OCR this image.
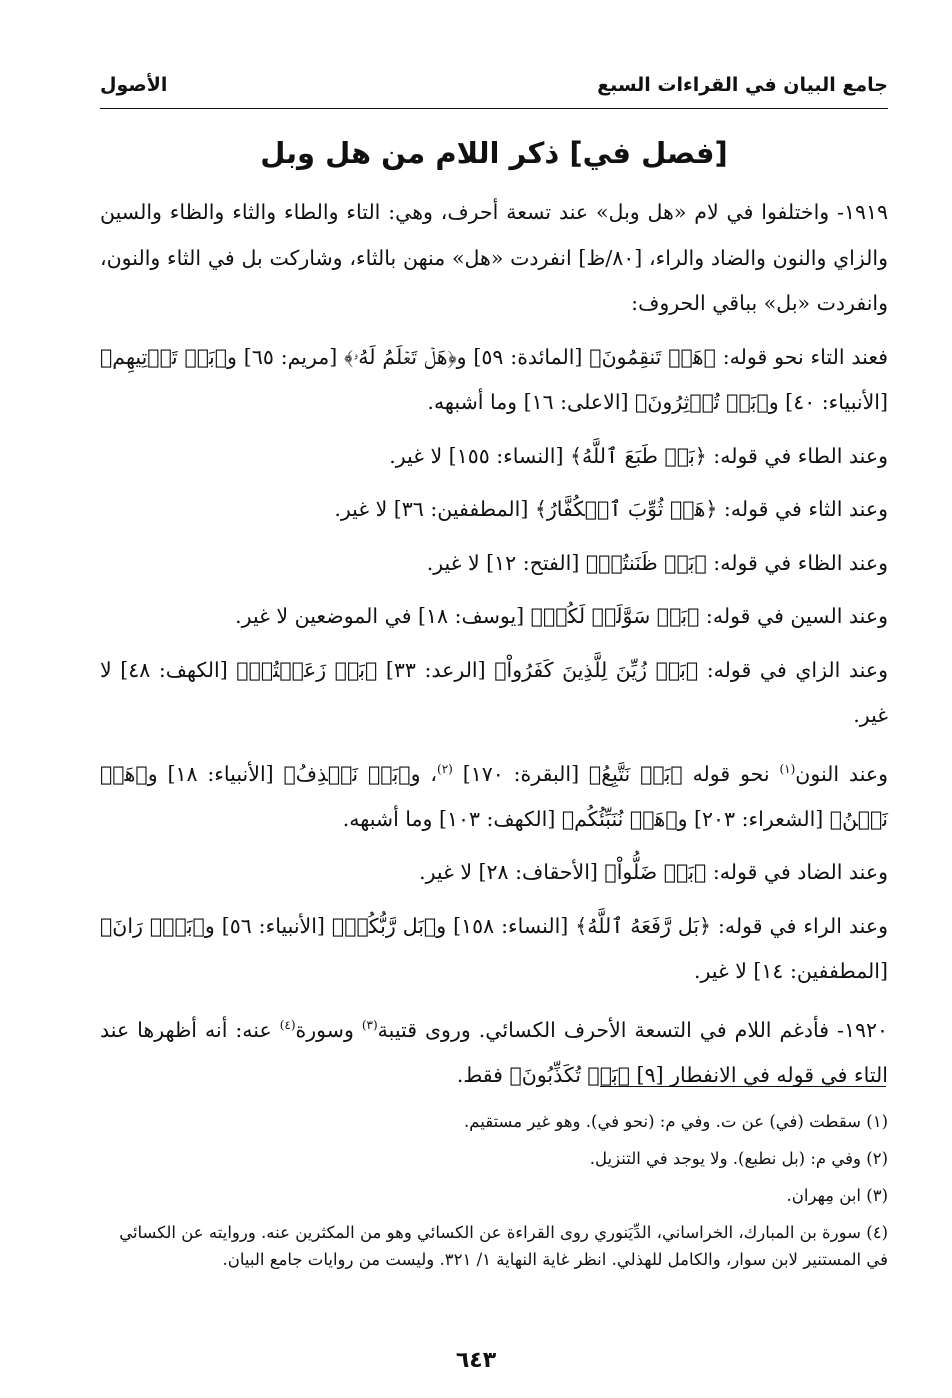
جامع البيان في القراءات السبع
الأصول
[فصل في] ذكر اللام من هل وبل

١٩١٩- واختلفوا في لام «هل وبل» عند تسعة أحرف، وهي: التاء والطاء والثاء والظاء والسين والزاي والنون والضاد والراء، [٨٠/ظ] انفردت «هل» منهن بالثاء، وشاركت بل في الثاء والنون، وانفردت «بل» بباقي الحروف:

فعند التاء نحو قوله: ﴿هَلۡ تَنقِمُونَ﴾ [المائدة: ٥٩] و﴿هَلۡ تَعۡلَمُ لَهُۥ﴾ [مريم: ٦٥] و﴿بَلۡ تَأۡتِيهِم﴾ [الأنبياء: ٤٠] و﴿بَلۡ تُؤۡثِرُونَ﴾ [الاعلى: ١٦] وما أشبهه.

وعند الطاء في قوله: ﴿بَلۡ طَبَعَ ٱللَّهُ﴾ [النساء: ١٥٥] لا غير.

وعند الثاء في قوله: ﴿هَلۡ ثُوِّبَ ٱلۡكُفَّارُ﴾ [المطففين: ٣٦] لا غير.

وعند الظاء في قوله: ﴿بَلۡ ظَنَنتُمۡ﴾ [الفتح: ١٢] لا غير.

وعند السين في قوله: ﴿بَلۡ سَوَّلَتۡ لَكُمۡ﴾ [يوسف: ١٨] في الموضعين لا غير.

وعند الزاي في قوله: ﴿بَلۡ زُيِّنَ لِلَّذِينَ كَفَرُواْ﴾ [الرعد: ٣٣] ﴿بَلۡ زَعَمۡتُمۡ﴾ [الكهف: ٤٨] لا غير.

وعند النون$^{(١)}$ نحو قوله ﴿بَلۡ نَتَّبِعُ﴾ [البقرة: ١٧٠] $^{(٢)}$، و﴿بَلۡ نَقۡذِفُ﴾ [الأنبياء: ١٨] و﴿هَلۡ نَحۡنُ﴾ [الشعراء: ٢٠٣] و﴿هَلۡ نُنَبِّئُكُم﴾ [الكهف: ١٠٣] وما أشبهه.

وعند الضاد في قوله: ﴿بَلۡ ضَلُّواْ﴾ [الأحقاف: ٢٨] لا غير.

وعند الراء في قوله: ﴿بَل رَّفَعَهُ ٱللَّهُ﴾ [النساء: ١٥٨] و﴿بَل رَّبُّكُمۡ﴾ [الأنبياء: ٥٦] و﴿بَلۡۜ رَانَ﴾ [المطففين: ١٤] لا غير.

١٩٢٠- فأدغم اللام في التسعة الأحرف الكسائي. وروى قتيبة$^{(٣)}$ وسورة$^{(٤)}$ عنه: أنه أظهرها عند التاء في قوله في الانفطار [٩] ﴿بَلۡ تُكَذِّبُونَ﴾ فقط.

(١) سقطت (في) عن ت. وفي م: (نحو في). وهو غير مستقيم.

(٢) وفي م: (بل نطبع). ولا يوجد في التنزيل.

(٣) ابن مِهران.

(٤) سورة بن المبارك، الخراساني، الدِّيَنوري روى القراءة عن الكسائي وهو من المكثرين عنه. وروايته عن الكسائي في المستنير لابن سوار، والكامل للهذلي. انظر غاية النهاية ١/ ٣٢١. وليست من روايات جامع البيان.

٦٤٣
